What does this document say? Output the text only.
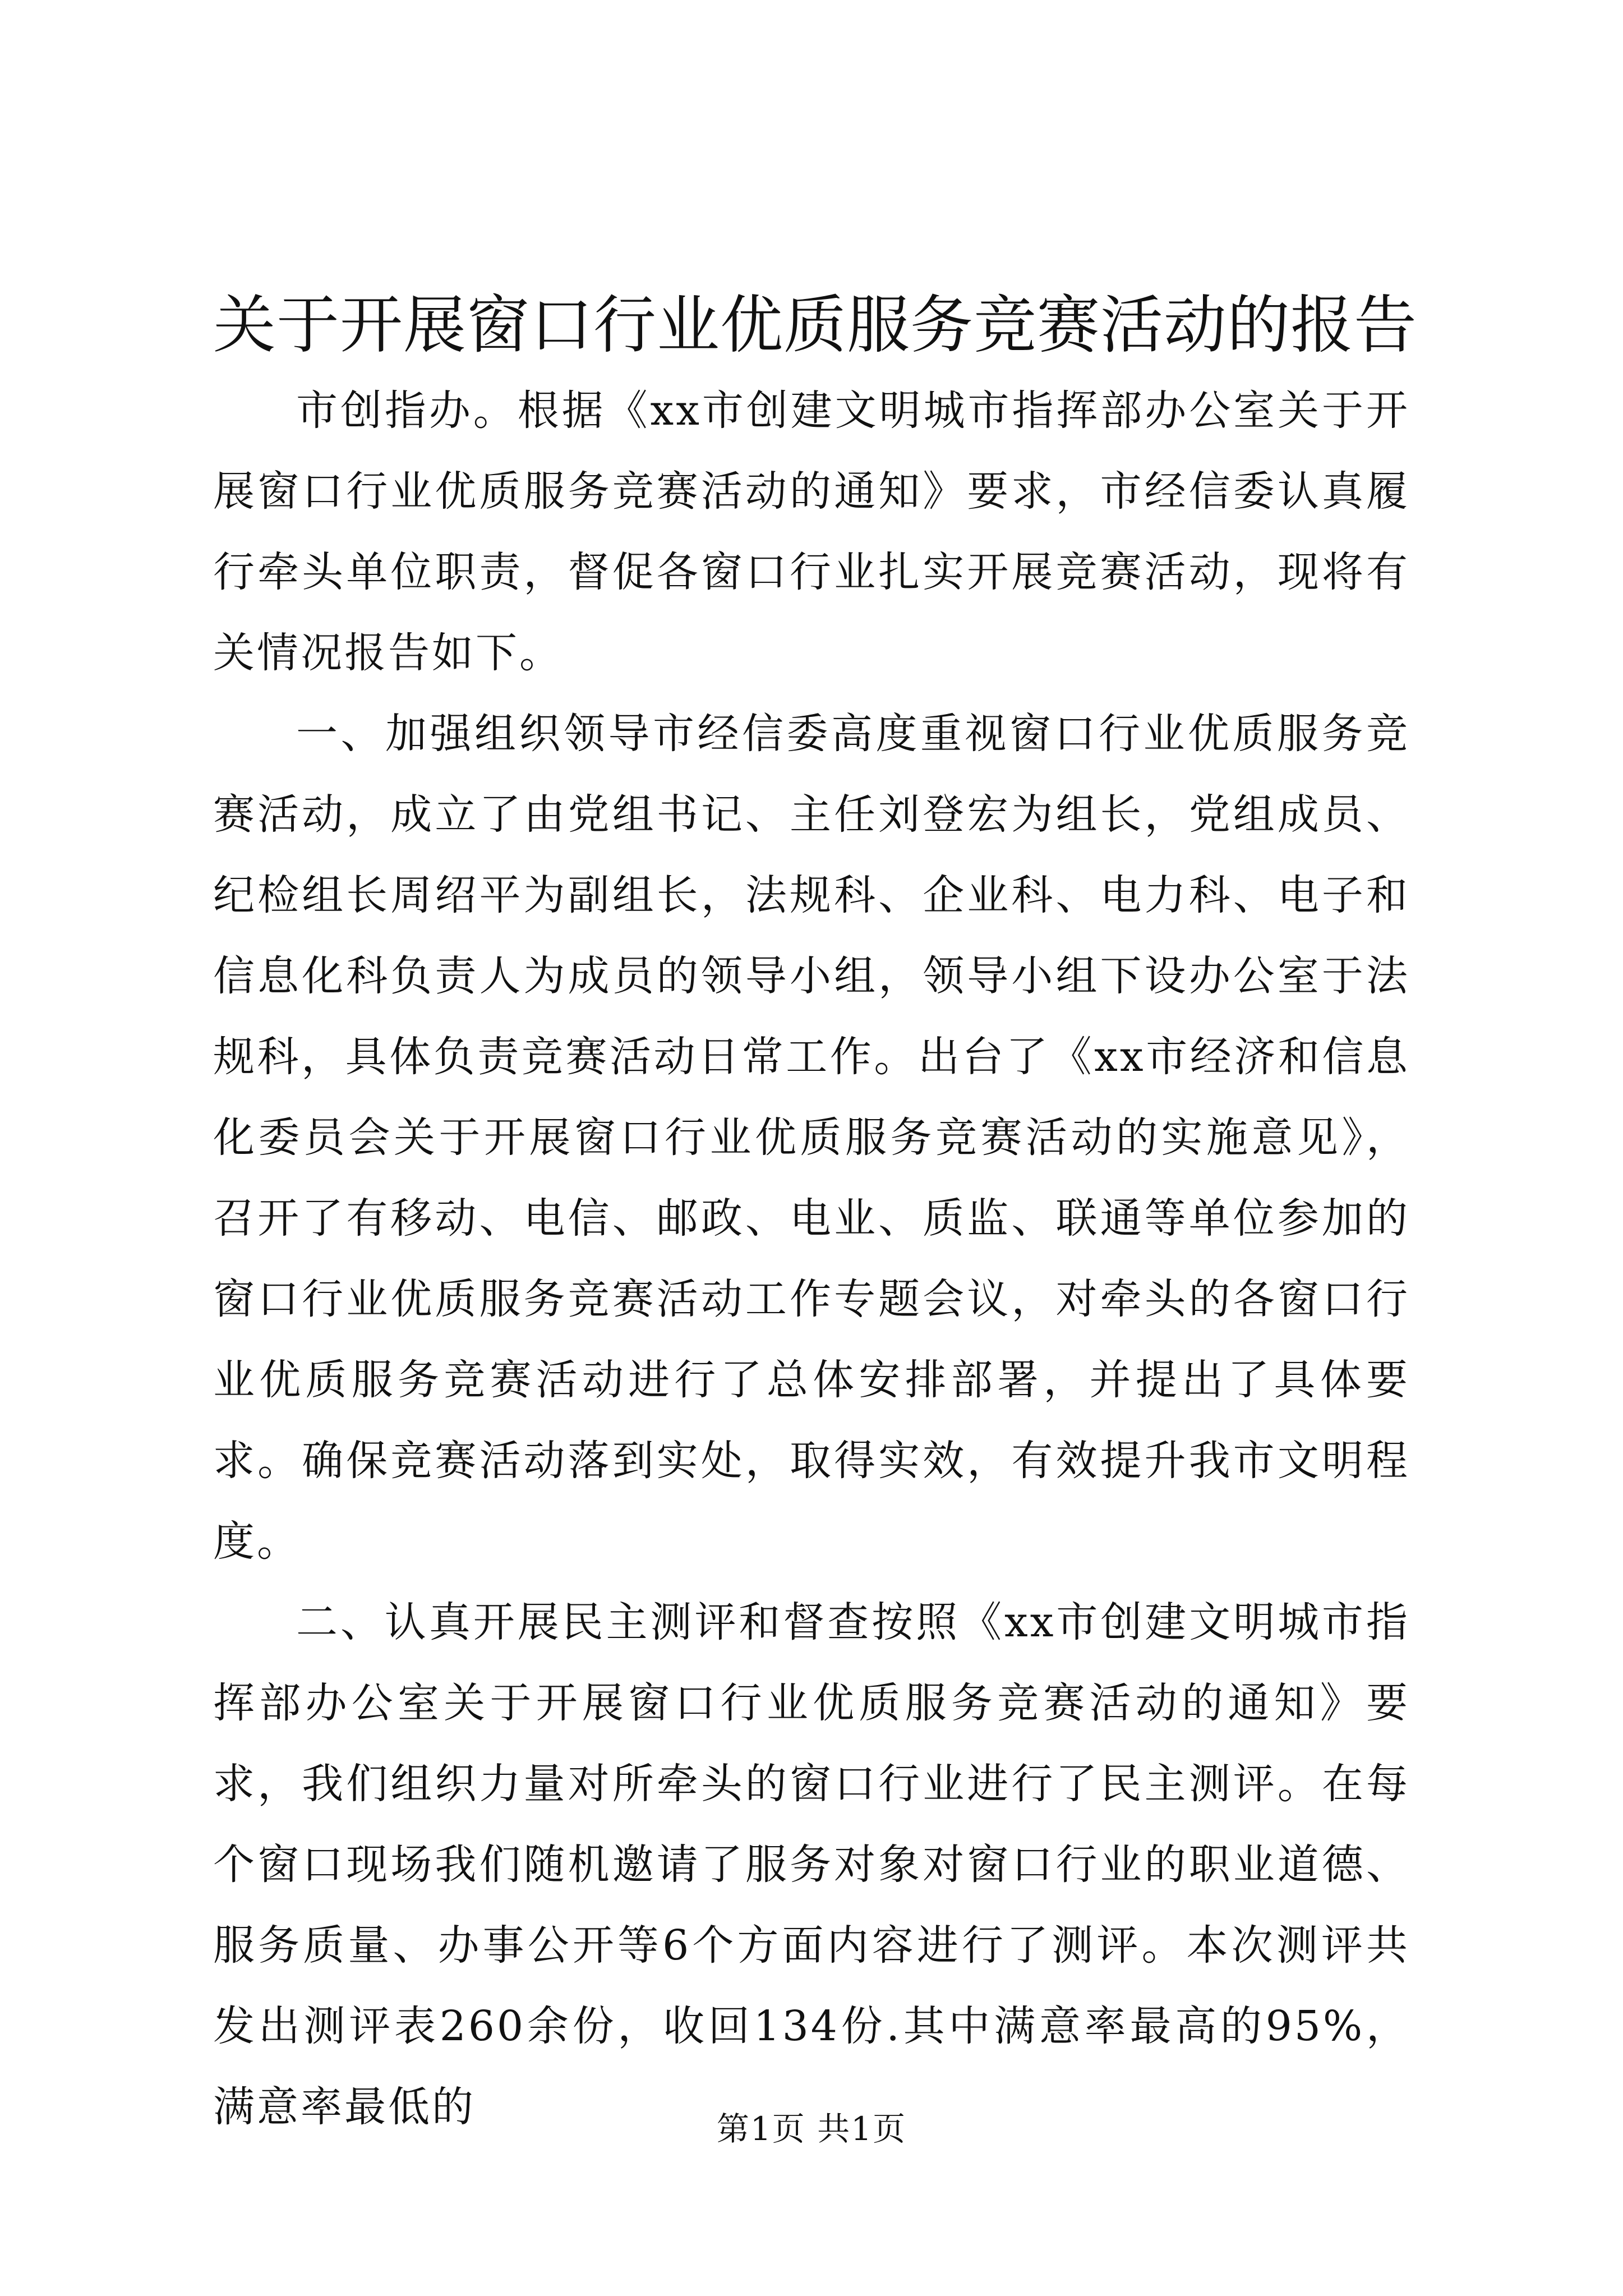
关于开展窗口行业优质服务竞赛活动的报告

市创指办。根据《xx市创建文明城市指挥部办公室关于开展窗口行业优质服务竞赛活动的通知》要求，市经信委认真履行牵头单位职责，督促各窗口行业扎实开展竞赛活动，现将有关情况报告如下。

一、加强组织领导市经信委高度重视窗口行业优质服务竞赛活动，成立了由党组书记、主任刘登宏为组长，党组成员、纪检组长周绍平为副组长，法规科、企业科、电力科、电子和信息化科负责人为成员的领导小组，领导小组下设办公室于法规科，具体负责竞赛活动日常工作。出台了《xx市经济和信息化委员会关于开展窗口行业优质服务竞赛活动的实施意见》，召开了有移动、电信、邮政、电业、质监、联通等单位参加的窗口行业优质服务竞赛活动工作专题会议，对牵头的各窗口行业优质服务竞赛活动进行了总体安排部署，并提出了具体要求。确保竞赛活动落到实处，取得实效，有效提升我市文明程度。

二、认真开展民主测评和督查按照《xx市创建文明城市指挥部办公室关于开展窗口行业优质服务竞赛活动的通知》要求，我们组织力量对所牵头的窗口行业进行了民主测评。在每个窗口现场我们随机邀请了服务对象对窗口行业的职业道德、服务质量、办事公开等6个方面内容进行了测评。本次测评共发出测评表260余份，收回134份.其中满意率最高的95%，满意率最低的	第1页 共1页
